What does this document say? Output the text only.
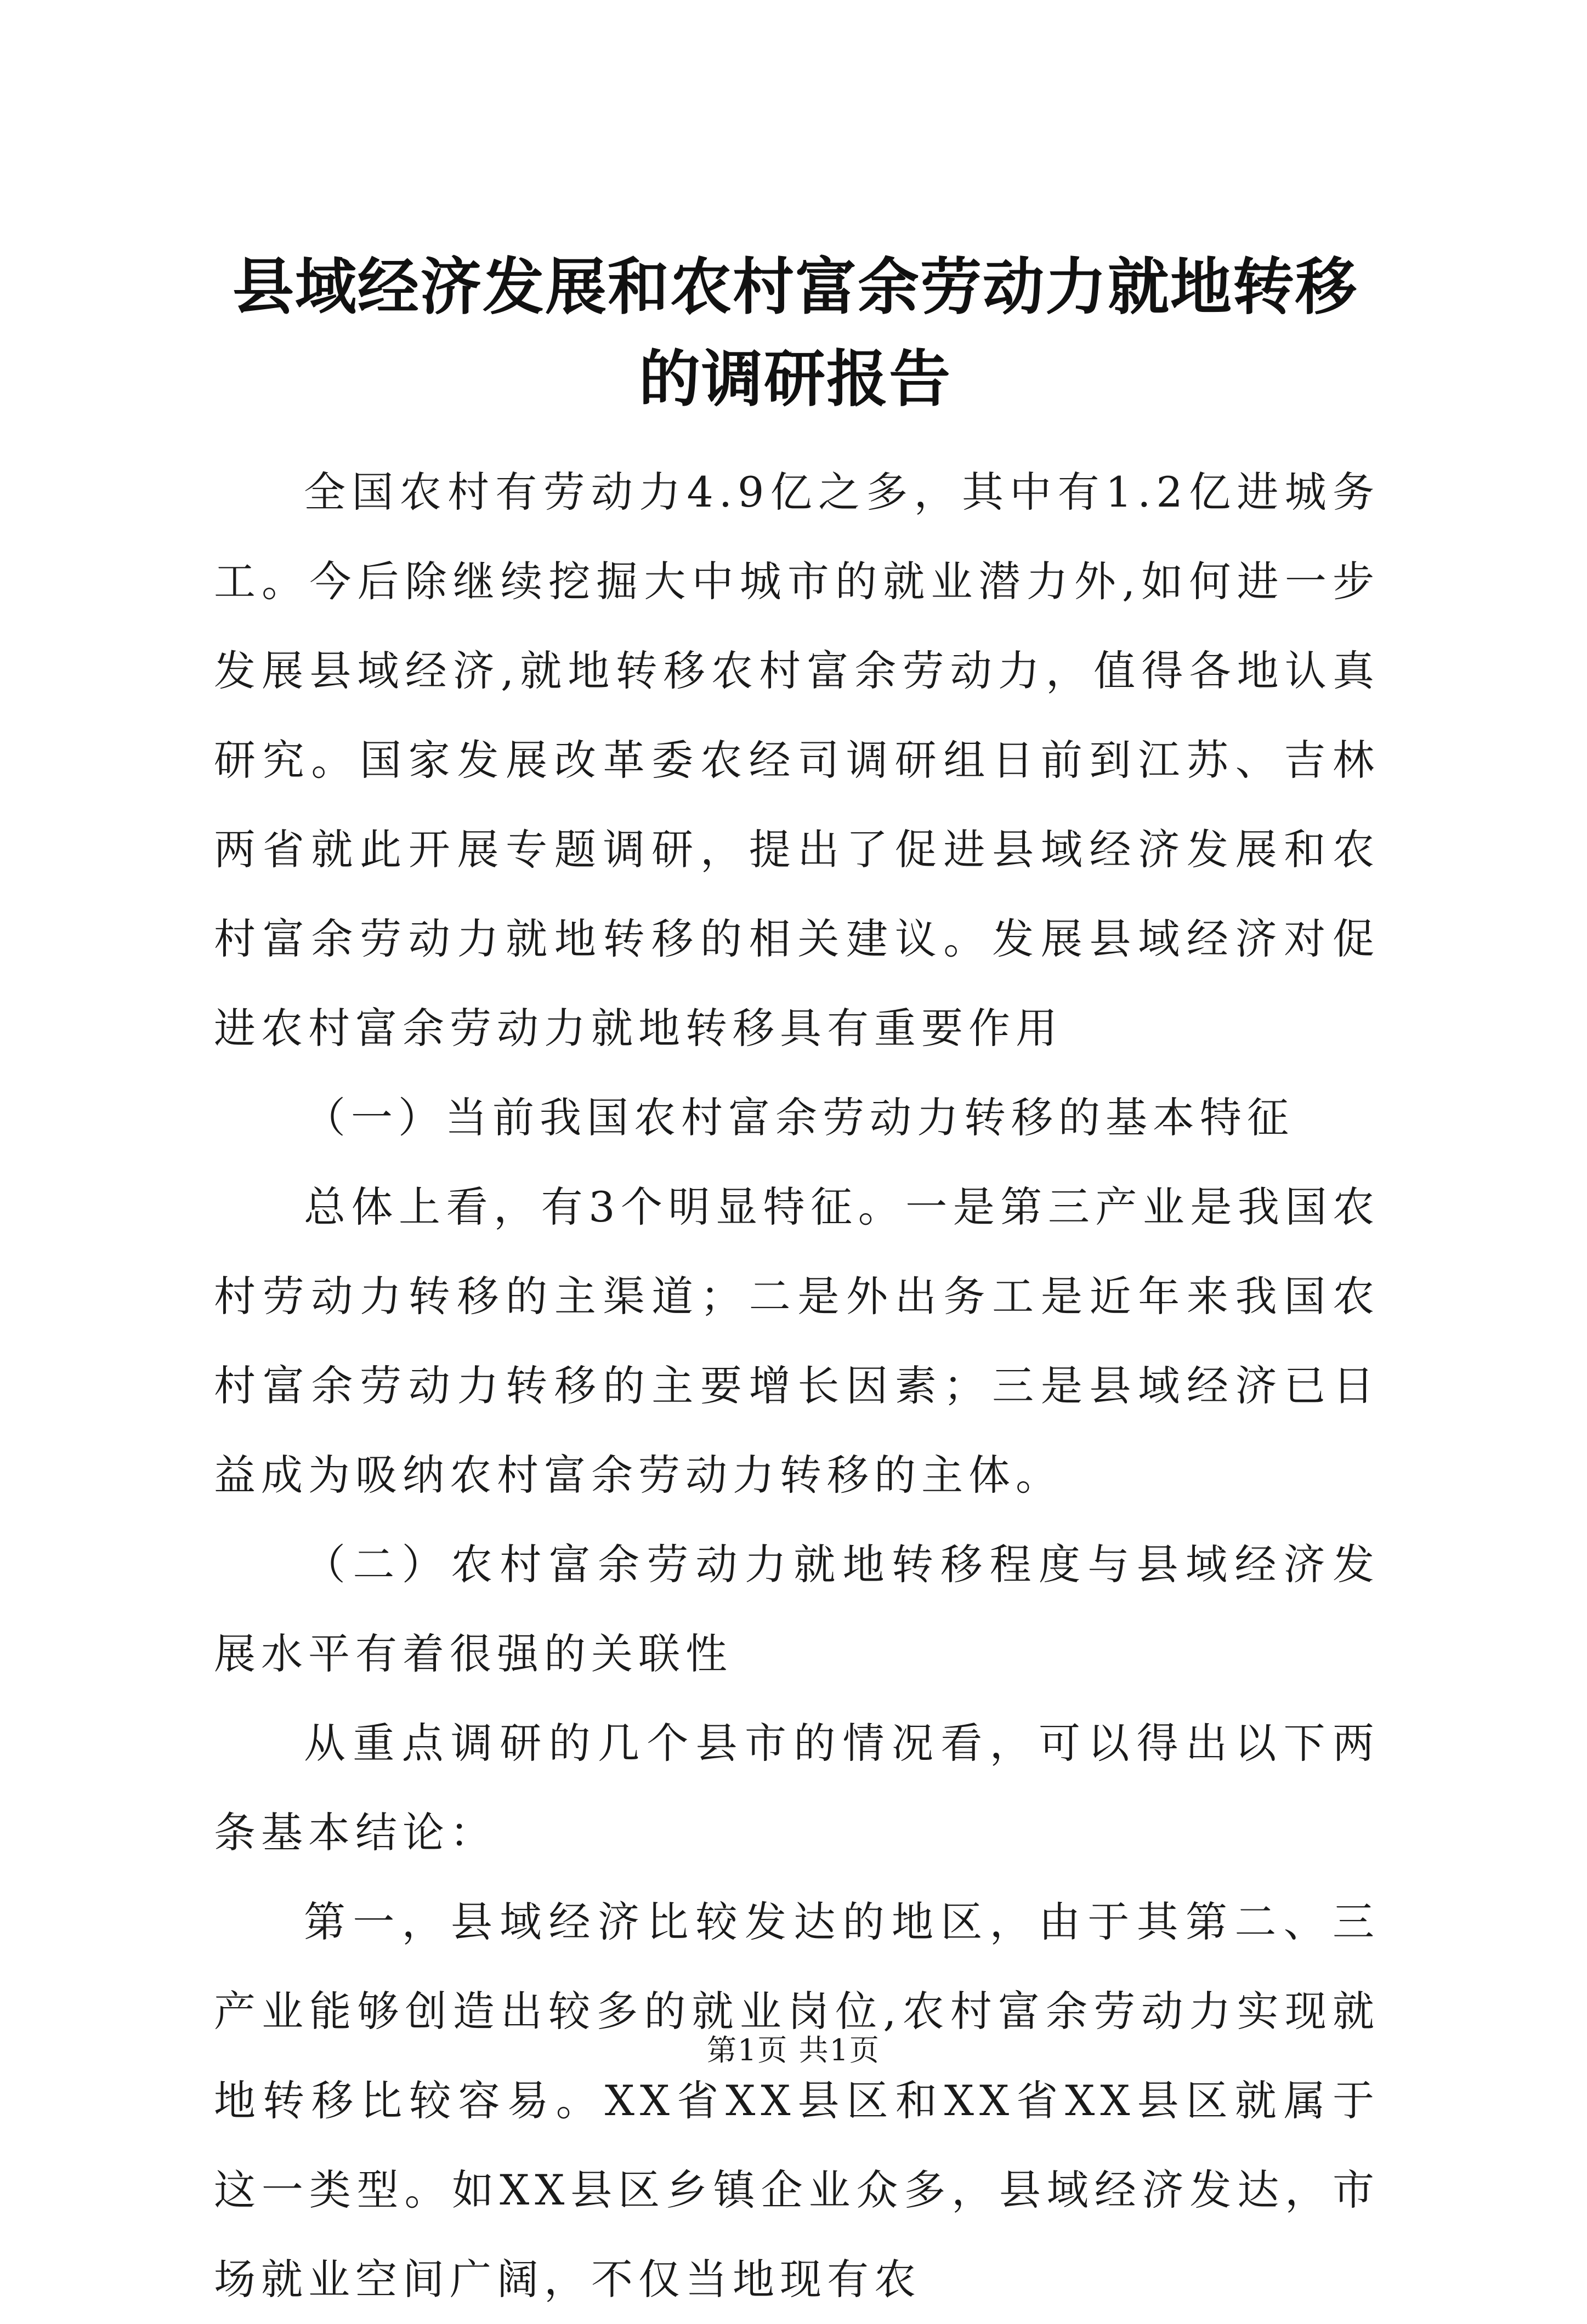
县域经济发展和农村富余劳动力就地转移的调研报告

全国农村有劳动力4.9亿之多，其中有1.2亿进城务工。今后除继续挖掘大中城市的就业潜力外,如何进一步发展县域经济,就地转移农村富余劳动力，值得各地认真研究。国家发展改革委农经司调研组日前到江苏、吉林两省就此开展专题调研，提出了促进县域经济发展和农村富余劳动力就地转移的相关建议。发展县域经济对促进农村富余劳动力就地转移具有重要作用

（一）当前我国农村富余劳动力转移的基本特征

总体上看，有3个明显特征。一是第三产业是我国农村劳动力转移的主渠道；二是外出务工是近年来我国农村富余劳动力转移的主要增长因素；三是县域经济已日益成为吸纳农村富余劳动力转移的主体。

（二）农村富余劳动力就地转移程度与县域经济发展水平有着很强的关联性

从重点调研的几个县市的情况看，可以得出以下两条基本结论：

第一，县域经济比较发达的地区，由于其第二、三产业能够创造出较多的就业岗位,农村富余劳动力实现就地转移比较容易。XX省XX县区和XX省XX县区就属于这一类型。如XX县区乡镇企业众多，县域经济发达，市场就业空间广阔，不仅当地现有农

第1页 共1页
